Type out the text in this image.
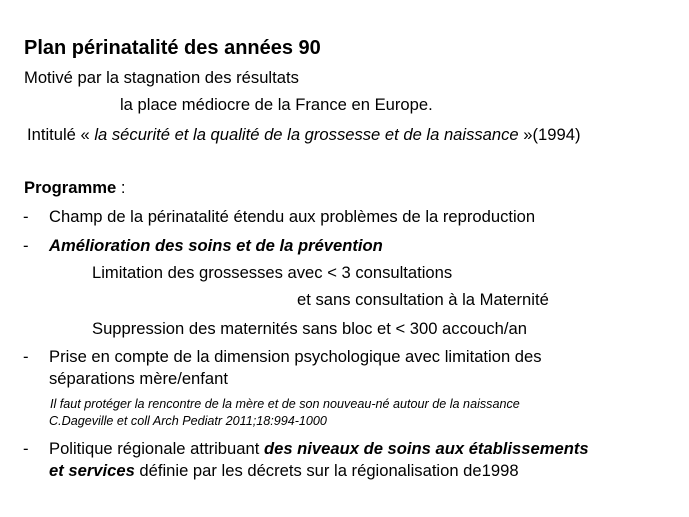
Plan périnatalité des années 90
Motivé par la stagnation des résultats
la place médiocre de la France en Europe.
Intitulé « la sécurité et la qualité de la grossesse et de la naissance »(1994)
Programme :
- Champ de la périnatalité étendu aux problèmes de la reproduction
- Amélioration des soins et de la prévention
Limitation des grossesses avec < 3 consultations
et sans consultation à la Maternité
Suppression des maternités sans bloc et < 300 accouch/an
- Prise en compte de la dimension psychologique avec limitation des
séparations mère/enfant
Il faut protéger la rencontre de la mère et de son nouveau-né autour de la naissance
C.Dageville et coll Arch Pediatr 2011;18:994-1000
- Politique régionale attribuant des niveaux de soins aux établissements
et services définie par les décrets sur la régionalisation de1998
